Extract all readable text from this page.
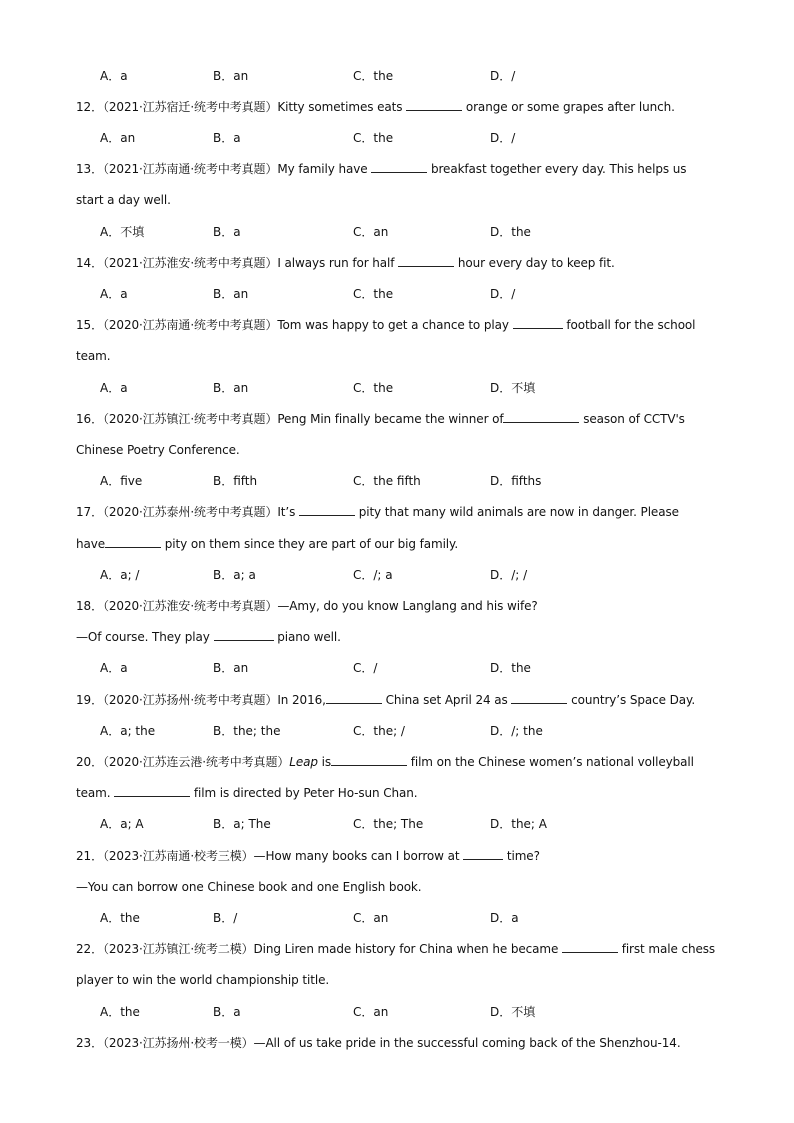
A．a	B．an	C．the	D．/
12．（2021·江苏宿迁·统考中考真题）Kitty sometimes eats	orange or some grapes after lunch.
A．an	B．a	C．the	D．/
13．（2021·江苏南通·统考中考真题）My family have	breakfast together every day. This helps us
start a day well.
A．不填	B．a	C．an	D．the
14．（2021·江苏淮安·统考中考真题）I always run for half	hour every day to keep fit.
A．a	B．an	C．the	D．/
15．（2020·江苏南通·统考中考真题）Tom was happy to get a chance to play	football for the school
team.
A．a	B．an	C．the	D．不填
16．（2020·江苏镇江·统考中考真题）Peng Min finally became the winner of	season of CCTV's
Chinese Poetry Conference.
A．five	B．fifth	C．the fifth	D．fifths
17．（2020·江苏泰州·统考中考真题）It’s	pity that many wild animals are now in danger. Please
have	pity on them since they are part of our big family.
A．a; /	B．a; a	C．/; a	D．/; /
18．（2020·江苏淮安·统考中考真题）—Amy, do you know Langlang and his wife?
—Of course. They play	piano well.
A．a	B．an	C．/	D．the
19．（2020·江苏扬州·统考中考真题）In 2016,	China set April 24 as	country’s Space Day.
A．a; the	B．the; the	C．the; /	D．/; the
20．（2020·江苏连云港·统考中考真题）Leap is	film on the Chinese women’s national volleyball
team.	film is directed by Peter Ho-sun Chan.
A．a; A	B．a; The	C．the; The	D．the; A
21．（2023·江苏南通·校考三模）—How many books can I borrow at	time?
—You can borrow one Chinese book and one English book.
A．the	B．/	C．an	D．a
22．（2023·江苏镇江·统考二模）Ding Liren made history for China when he became	first male chess
player to win the world championship title.
A．the	B．a	C．an	D．不填
23．（2023·江苏扬州·校考一模）—All of us take pride in the successful coming back of the Shenzhou-14.
